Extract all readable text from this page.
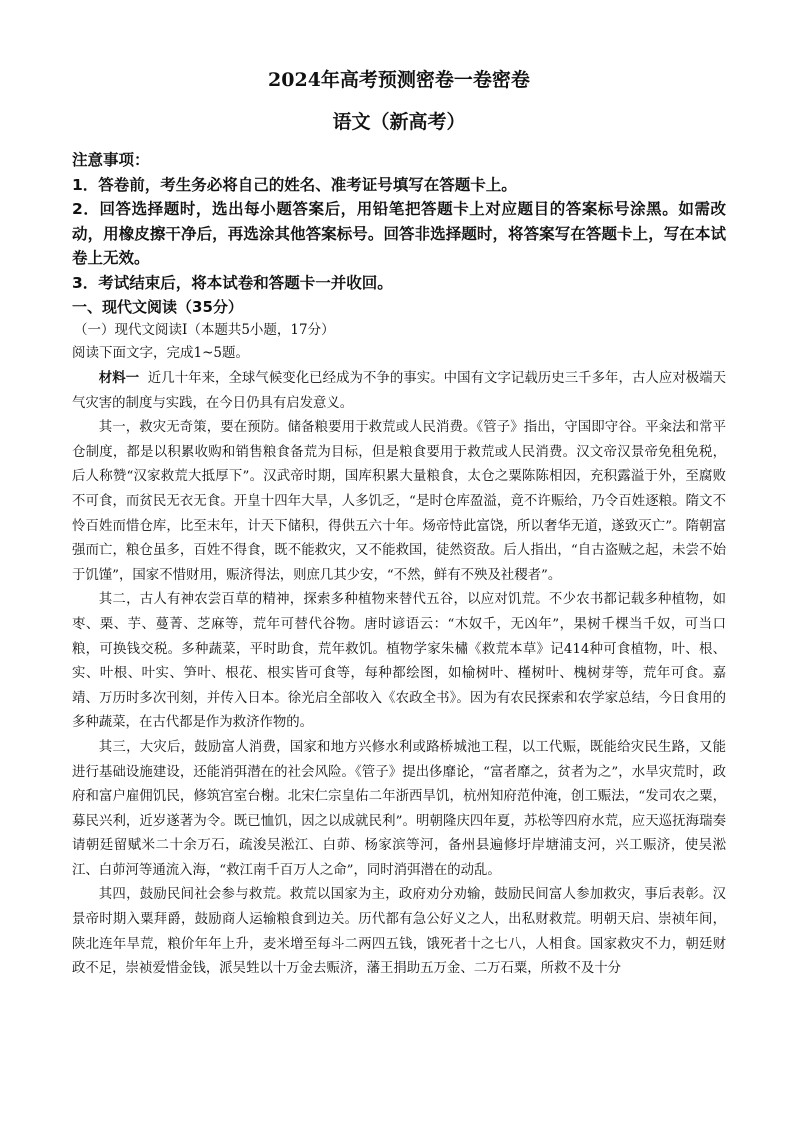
2024年高考预测密卷一卷密卷
语文（新高考）

注意事项：

1．答卷前，考生务必将自己的姓名、准考证号填写在答题卡上。

2．回答选择题时，选出每小题答案后，用铅笔把答题卡上对应题目的答案标号涂黑。如需改动，用橡皮擦干净后，再选涂其他答案标号。回答非选择题时，将答案写在答题卡上，写在本试卷上无效。

3．考试结束后，将本试卷和答题卡一并收回。

一、现代文阅读（35分）

（一）现代文阅读Ⅰ（本题共5小题，17分）

阅读下面文字，完成1~5题。

材料一 近几十年来，全球气候变化已经成为不争的事实。中国有文字记载历史三千多年，古人应对极端天气灾害的制度与实践，在今日仍具有启发意义。

其一，救灾无奇策，要在预防。储备粮要用于救荒或人民消费。《管子》指出，守国即守谷。平籴法和常平仓制度，都是以积累收购和销售粮食备荒为目标，但是粮食要用于救荒或人民消费。汉文帝汉景帝免租免税，后人称赞“汉家救荒大抵厚下”。汉武帝时期，国库积累大量粮食，太仓之粟陈陈相因，充积露溢于外，至腐败不可食，而贫民无衣无食。开皇十四年大旱，人多饥乏，“是时仓库盈溢，竟不许赈给，乃令百姓逐粮。隋文不怜百姓而惜仓库，比至末年，计天下储积，得供五六十年。炀帝恃此富饶，所以奢华无道，遂致灭亡”。隋朝富强而亡，粮仓虽多，百姓不得食，既不能救灾，又不能救国，徒然资敌。后人指出，“自古盗贼之起，未尝不始于饥馑”，国家不惜财用，赈济得法，则庶几其少安，“不然，鲜有不殃及社稷者”。

其二，古人有神农尝百草的精神，探索多种植物来替代五谷，以应对饥荒。不少农书都记载多种植物，如枣、栗、芋、蔓菁、芝麻等，荒年可替代谷物。唐时谚语云：“木奴千，无凶年”，果树千棵当千奴，可当口粮，可换钱交税。多种蔬菜，平时助食，荒年救饥。植物学家朱橚《救荒本草》记414种可食植物，叶、根、实、叶根、叶实、笋叶、根花、根实皆可食等，每种都绘图，如榆树叶、槿树叶、槐树芽等，荒年可食。嘉靖、万历时多次刊刻，并传入日本。徐光启全部收入《农政全书》。因为有农民探索和农学家总结，今日食用的多种蔬菜，在古代都是作为救济作物的。

其三，大灾后，鼓励富人消费，国家和地方兴修水利或路桥城池工程，以工代赈，既能给灾民生路，又能进行基础设施建设，还能消弭潜在的社会风险。《管子》提出侈靡论，“富者靡之，贫者为之”，水旱灾荒时，政府和富户雇佣饥民，修筑宫室台榭。北宋仁宗皇佑二年浙西旱饥，杭州知府范仲淹，创工赈法，“发司农之粟，募民兴利，近岁遂著为令。既已恤饥，因之以成就民利”。明朝隆庆四年夏，苏松等四府水荒，应天巡抚海瑞奏请朝廷留赋米二十余万石，疏浚吴淞江、白茆、杨家滨等河，备州县遍修圩岸塘浦支河，兴工赈济，使吴淞江、白茆河等通流入海，“救江南千百万人之命”，同时消弭潜在的动乱。

其四，鼓励民间社会参与救荒。救荒以国家为主，政府劝分劝输，鼓励民间富人参加救灾，事后表彰。汉景帝时期入粟拜爵，鼓励商人运输粮食到边关。历代都有急公好义之人，出私财救荒。明朝天启、崇祯年间，陕北连年旱荒，粮价年年上升，麦米增至每斗二两四五钱，饿死者十之七八，人相食。国家救灾不力，朝廷财政不足，崇祯爱惜金钱，派吴甡以十万金去赈济，藩王捐助五万金、二万石粟，所救不及十分
